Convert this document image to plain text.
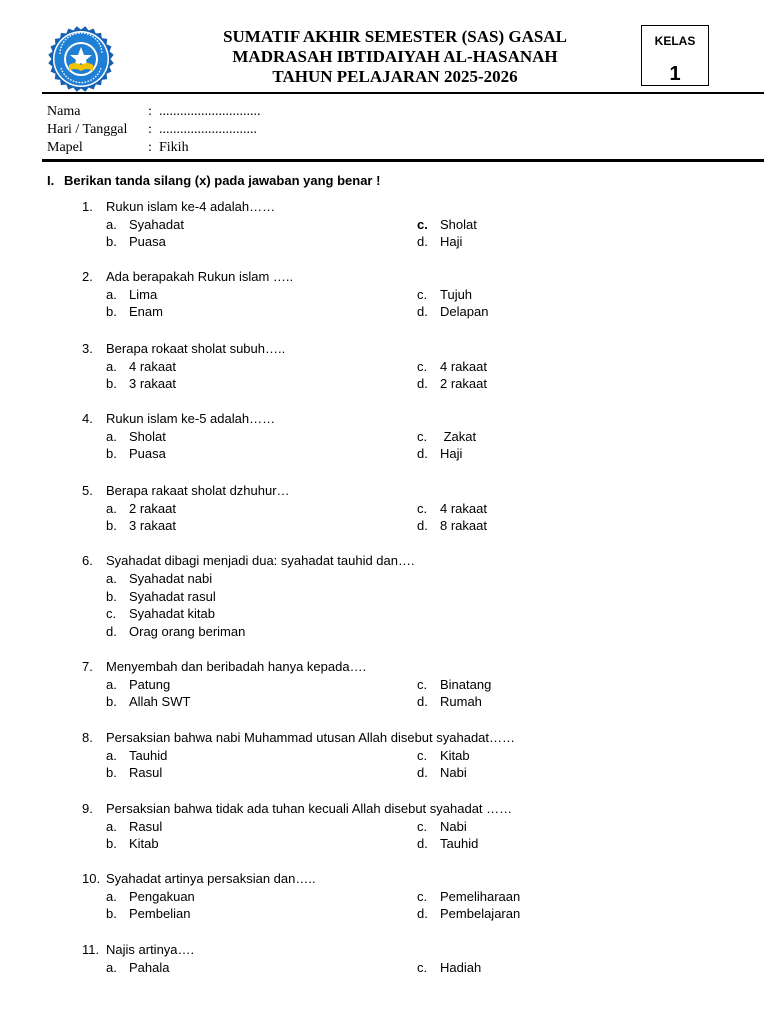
SUMATIF AKHIR SEMESTER (SAS) GASAL
MADRASAH IBTIDAIYAH AL-HASANAH
TAHUN PELAJARAN 2025-2026
KELAS
1
Nama	: .............................
Hari / Tanggal : ............................
Mapel	: Fikih
I. Berikan tanda silang (x) pada jawaban yang benar !
1. Rukun islam ke-4 adalah……
a. Syahadat
b. Puasa
c. Sholat
d. Haji
2. Ada berapakah Rukun islam …..
a. Lima
b. Enam
c. Tujuh
d. Delapan
3. Berapa rokaat sholat subuh…..
a. 4 rakaat
b. 3 rakaat
c. 4 rakaat
d. 2 rakaat
4. Rukun islam ke-5 adalah……
a. Sholat
b. Puasa
c. Zakat
d. Haji
5. Berapa rakaat sholat dzhuhur…
a. 2 rakaat
b. 3 rakaat
c. 4 rakaat
d. 8 rakaat
6. Syahadat dibagi menjadi dua: syahadat tauhid dan….
a. Syahadat nabi
b. Syahadat rasul
c. Syahadat kitab
d. Orag orang beriman
7. Menyembah dan beribadah hanya kepada….
a. Patung
b. Allah SWT
c. Binatang
d. Rumah
8. Persaksian bahwa nabi Muhammad utusan Allah disebut syahadat……
a. Tauhid
b. Rasul
c. Kitab
d. Nabi
9. Persaksian bahwa tidak ada tuhan kecuali Allah disebut syahadat ……
a. Rasul
b. Kitab
c. Nabi
d. Tauhid
10. Syahadat artinya persaksian dan…..
a. Pengakuan
b. Pembelian
c. Pemeliharaan
d. Pembelajaran
11. Najis artinya….
a. Pahala	c. Hadiah
